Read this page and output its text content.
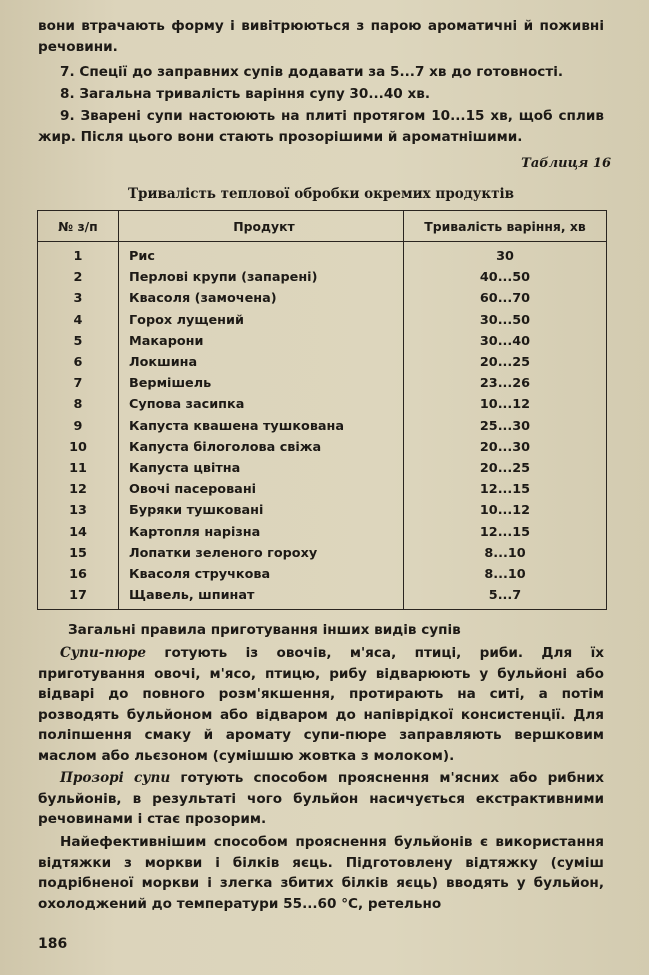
вони втрачають форму і вивітрюються з парою ароматичні й поживні речовини.

7. Спеції до заправних супів додавати за 5...7 хв до готовності.

8. Загальна тривалість варіння супу 30...40 хв.

9. Зварені супи настоюють на плиті протягом 10...15 хв, щоб сплив жир. Після цього вони стають прозорішими й ароматнішими.

Таблиця 16
Тривалість теплової обробки окремих продуктів
№ з/п	Продукт	Тривалість варіння, хв
1	Рис	30
2	Перлові крупи (запарені)	40...50
3	Квасоля (замочена)	60...70
4	Горох лущений	30...50
5	Макарони	30...40
6	Локшина	20...25
7	Вермішель	23...26
8	Супова засипка	10...12
9	Капуста квашена тушкована	25...30
10	Капуста білоголова свіжа	20...30
11	Капуста цвітна	20...25
12	Овочі пасеровані	12...15
13	Буряки тушковані	10...12
14	Картопля нарізна	12...15
15	Лопатки зеленого гороху	8...10
16	Квасоля стручкова	8...10
17	Щавель, шпинат	5...7
Загальні правила приготування інших видів супів

Супи-пюре готують із овочів, м'яса, птиці, риби. Для їх приготування овочі, м'ясо, птицю, рибу відварюють у бульйоні або відварі до повного розм'якшення, протирають на ситі, а потім розводять бульйоном або відваром до напіврідкої консистенції. Для поліпшення смаку й аромату супи-пюре заправляють вершковим маслом або льєзоном (сумішшю жовтка з молоком).

Прозорі супи готують способом прояснення м'ясних або рибних бульйонів, в результаті чого бульйон насичується екстрактивними речовинами і стає прозорим.

Найефективнішим способом прояснення бульйонів є використання відтяжки з моркви і білків яєць. Підготовлену відтяжку (суміш подрібненої моркви і злегка збитих білків яєць) вводять у бульйон, охолоджений до температури 55...60 °С, ретельно

186
